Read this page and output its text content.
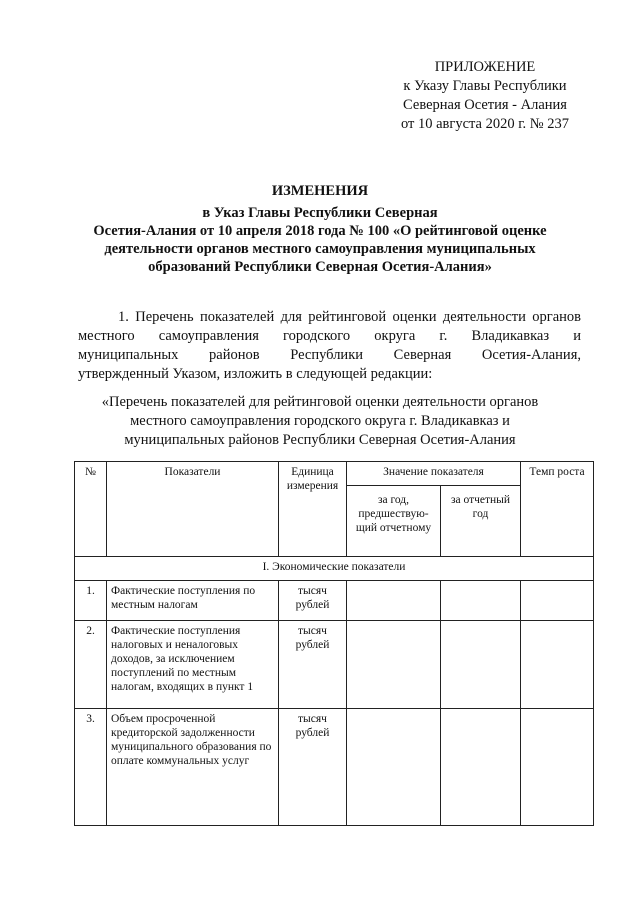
ПРИЛОЖЕНИЕ
к Указу Главы Республики
Северная Осетия - Алания
от 10 августа 2020 г. № 237
ИЗМЕНЕНИЯ
в Указ Главы Республики Северная
Осетия-Алания от 10 апреля 2018 года № 100 «О рейтинговой оценке
деятельности органов местного самоуправления муниципальных
образований Республики Северная Осетия-Алания»
1. Перечень показателей для рейтинговой оценки деятельности органов
местного самоуправления городского округа г. Владикавказ и
муниципальных районов Республики Северная Осетия-Алания,
утвержденный Указом, изложить в следующей редакции:
«Перечень показателей для рейтинговой оценки деятельности органов
местного самоуправления городского округа г. Владикавказ и
муниципальных районов Республики Северная Осетия-Алания
№	Показатели	Единица измерения	Значение показателя		Темп роста
			за год, предшествую-щий отчетному	за отчетный год	
I. Экономические показатели					
1.	Фактические поступления по местным налогам	тысяч рублей			
2.	Фактические поступления налоговых и неналоговых доходов, за исключением поступлений по местным налогам, входящих в пункт 1	тысяч рублей			
3.	Объем просроченной кредиторской задолженности муниципального образования по оплате коммунальных услуг	тысяч рублей			
